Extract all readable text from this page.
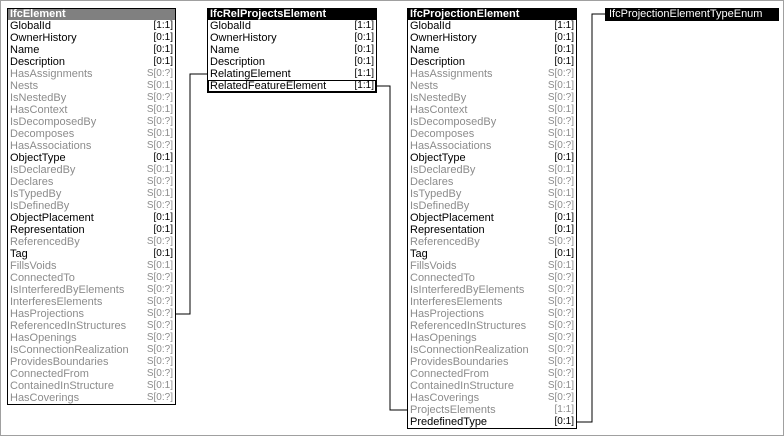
IfcElement
GlobalId	[1:1]
OwnerHistory	[0:1]
Name	[0:1]
Description	[0:1]
HasAssignments	S[0:?]
Nests	S[0:1]
IsNestedBy	S[0:?]
HasContext	S[0:1]
IsDecomposedBy	S[0:?]
Decomposes	S[0:1]
HasAssociations	S[0:?]
ObjectType	[0:1]
IsDeclaredBy	S[0:1]
Declares	S[0:?]
IsTypedBy	S[0:1]
IsDefinedBy	S[0:?]
ObjectPlacement	[0:1]
Representation	[0:1]
ReferencedBy	S[0:?]
Tag	[0:1]
FillsVoids	S[0:1]
ConnectedTo	S[0:?]
IsInterferedByElements S[0:?]
InterferesElements	S[0:?]
HasProjections	S[0:?]
ReferencedInStructures S[0:?]
HasOpenings	S[0:?]
IsConnectionRealization S[0:?]
ProvidesBoundaries	S[0:?]
ConnectedFrom	S[0:?]
ContainedInStructure	S[0:1]
HasCoverings	S[0:?]
IfcRelProjectsElement
GlobalId	[1:1]
OwnerHistory	[0:1]
Name	[0:1]
Description	[0:1]
RelatingElement	[1:1]
RelatedFeatureElement	[1:1]
IfcProjectionElement
GlobalId	[1:1]
OwnerHistory	[0:1]
Name	[0:1]
Description	[0:1]
HasAssignments	S[0:?]
Nests	S[0:1]
IsNestedBy	S[0:?]
HasContext	S[0:1]
IsDecomposedBy	S[0:?]
Decomposes	S[0:1]
HasAssociations	S[0:?]
ObjectType	[0:1]
IsDeclaredBy	S[0:1]
Declares	S[0:?]
IsTypedBy	S[0:1]
IsDefinedBy	S[0:?]
ObjectPlacement	[0:1]
Representation	[0:1]
ReferencedBy	S[0:?]
Tag	[0:1]
FillsVoids	S[0:1]
ConnectedTo	S[0:?]
IsInterferedByElements S[0:?]
InterferesElements	S[0:?]
HasProjections	S[0:?]
ReferencedInStructures S[0:?]
HasOpenings	S[0:?]
IsConnectionRealization S[0:?]
ProvidesBoundaries	S[0:?]
ConnectedFrom	S[0:?]
ContainedInStructure	S[0:1]
HasCoverings	S[0:?]
ProjectsElements	[1:1]
PredefinedType	[0:1]
IfcProjectionElementTypeEnum
